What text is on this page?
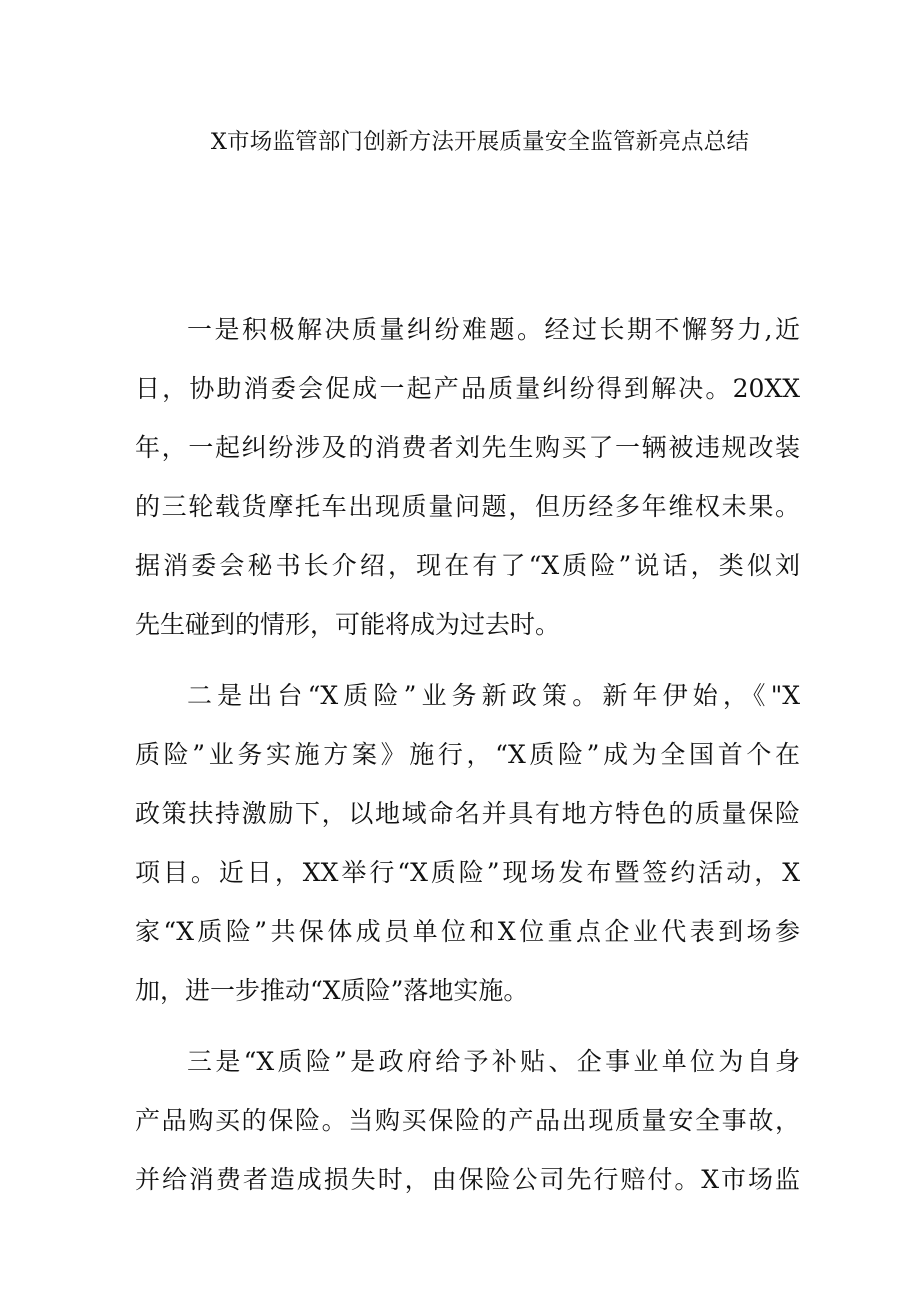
X市场监管部门创新方法开展质量安全监管新亮点总结

一是积极解决质量纠纷难题。经过长期不懈努力,近
日，协助消委会促成一起产品质量纠纷得到解决。20XX
年，一起纠纷涉及的消费者刘先生购买了一辆被违规改装
的三轮载货摩托车出现质量问题，但历经多年维权未果。
据消委会秘书长介绍，现在有了“X质险”说话，类似刘
先生碰到的情形，可能将成为过去时。

二是出台“X质险”业务新政策。新年伊始，《"X
质险”业务实施方案》施行，“X质险”成为全国首个在
政策扶持激励下，以地域命名并具有地方特色的质量保险
项目。近日，XX举行“X质险”现场发布暨签约活动，X
家“X质险”共保体成员单位和X位重点企业代表到场参
加，进一步推动“X质险”落地实施。

三是“X质险”是政府给予补贴、企事业单位为自身
产品购买的保险。当购买保险的产品出现质量安全事故，
并给消费者造成损失时，由保险公司先行赔付。X市场监
